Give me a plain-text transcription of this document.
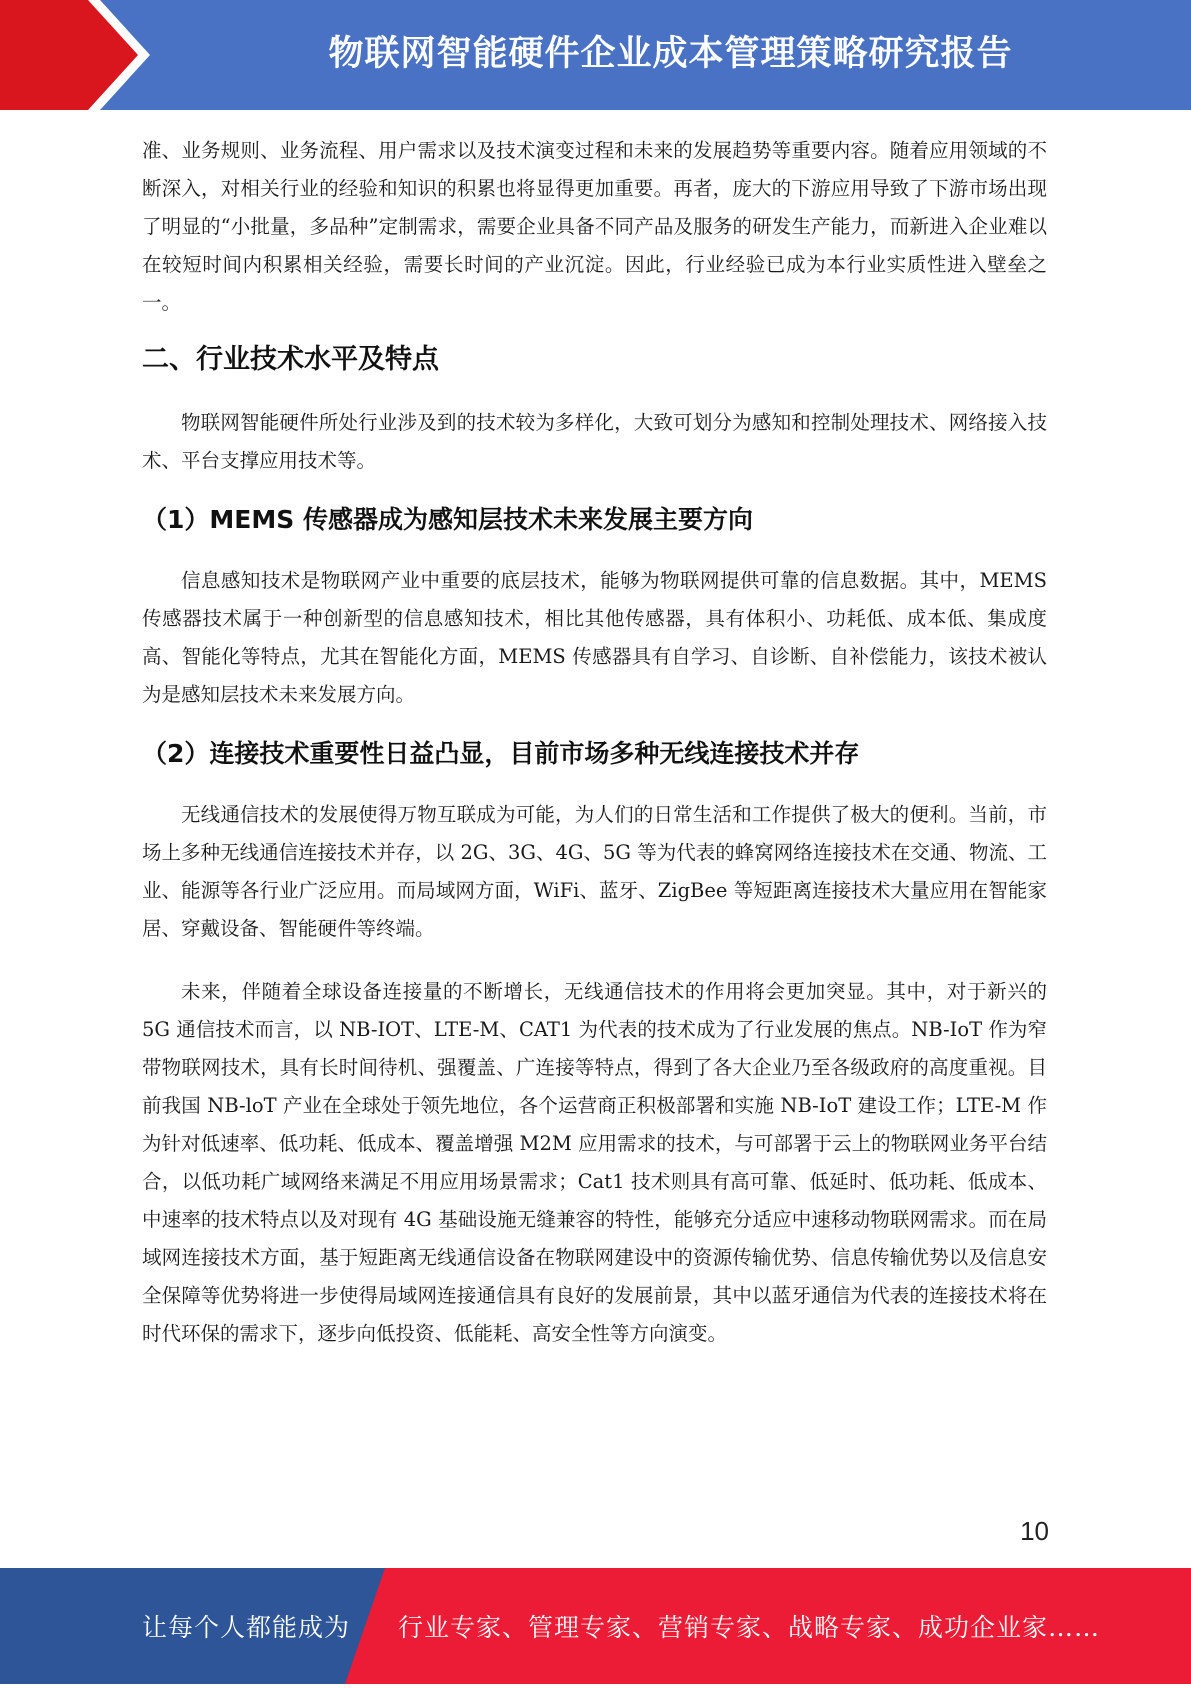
物联网智能硬件企业成本管理策略研究报告

准、业务规则、业务流程、用户需求以及技术演变过程和未来的发展趋势等重要内容。随着应用领域的不断深入，对相关行业的经验和知识的积累也将显得更加重要。再者，庞大的下游应用导致了下游市场出现了明显的“小批量，多品种”定制需求，需要企业具备不同产品及服务的研发生产能力，而新进入企业难以在较短时间内积累相关经验，需要长时间的产业沉淀。因此，行业经验已成为本行业实质性进入壁垒之一。

二、行业技术水平及特点

物联网智能硬件所处行业涉及到的技术较为多样化，大致可划分为感知和控制处理技术、网络接入技术、平台支撑应用技术等。

（1）MEMS 传感器成为感知层技术未来发展主要方向

信息感知技术是物联网产业中重要的底层技术，能够为物联网提供可靠的信息数据。其中，MEMS 传感器技术属于一种创新型的信息感知技术，相比其他传感器，具有体积小、功耗低、成本低、集成度高、智能化等特点，尤其在智能化方面，MEMS 传感器具有自学习、自诊断、自补偿能力，该技术被认为是感知层技术未来发展方向。

（2）连接技术重要性日益凸显，目前市场多种无线连接技术并存

无线通信技术的发展使得万物互联成为可能，为人们的日常生活和工作提供了极大的便利。当前，市场上多种无线通信连接技术并存，以 2G、3G、4G、5G 等为代表的蜂窝网络连接技术在交通、物流、工业、能源等各行业广泛应用。而局域网方面，WiFi、蓝牙、ZigBee 等短距离连接技术大量应用在智能家居、穿戴设备、智能硬件等终端。

未来，伴随着全球设备连接量的不断增长，无线通信技术的作用将会更加突显。其中，对于新兴的 5G 通信技术而言，以 NB-IOT、LTE-M、CAT1 为代表的技术成为了行业发展的焦点。NB-IoT 作为窄带物联网技术，具有长时间待机、强覆盖、广连接等特点，得到了各大企业乃至各级政府的高度重视。目前我国 NB-loT 产业在全球处于领先地位，各个运营商正积极部署和实施 NB-IoT 建设工作；LTE-M 作为针对低速率、低功耗、低成本、覆盖增强 M2M 应用需求的技术，与可部署于云上的物联网业务平台结合，以低功耗广域网络来满足不用应用场景需求；Cat1 技术则具有高可靠、低延时、低功耗、低成本、中速率的技术特点以及对现有 4G 基础设施无缝兼容的特性，能够充分适应中速移动物联网需求。而在局域网连接技术方面，基于短距离无线通信设备在物联网建设中的资源传输优势、信息传输优势以及信息安全保障等优势将进一步使得局域网连接通信具有良好的发展前景，其中以蓝牙通信为代表的连接技术将在时代环保的需求下，逐步向低投资、低能耗、高安全性等方向演变。

10
让每个人都能成为 行业专家、管理专家、营销专家、战略专家、成功企业家……
